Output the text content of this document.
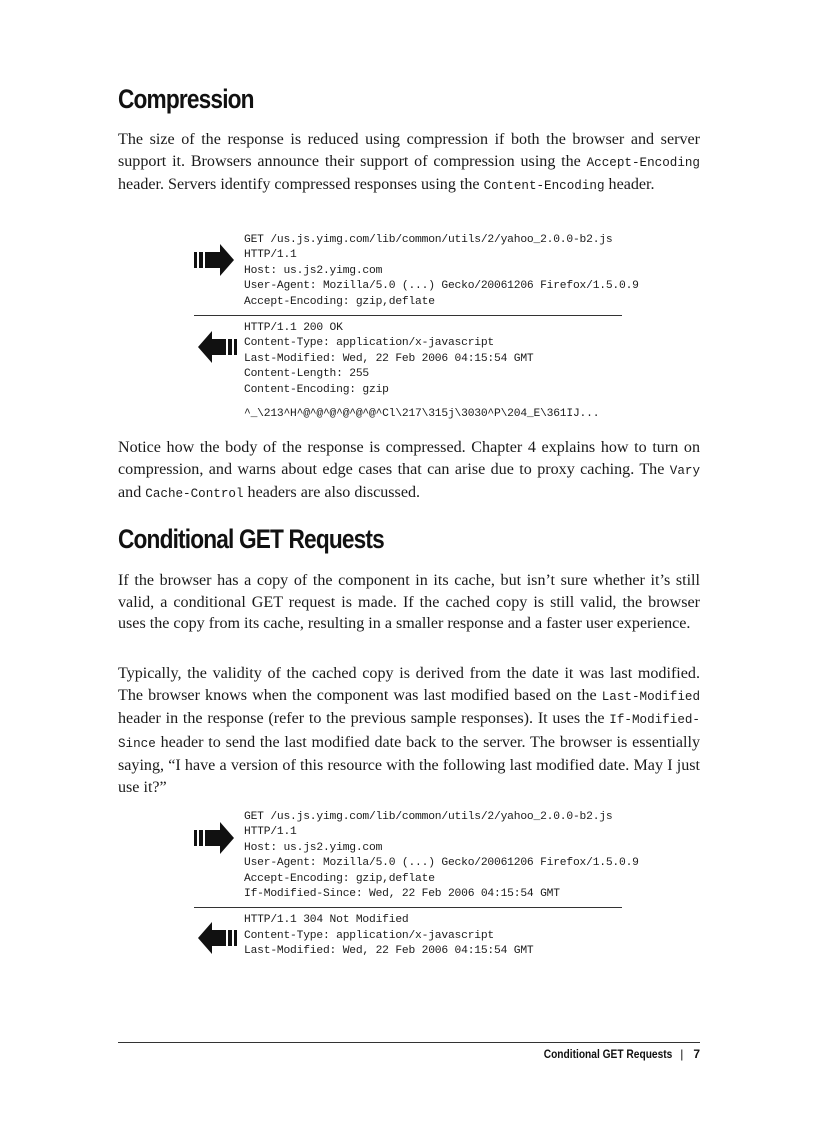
Compression

The size of the response is reduced using compression if both the browser and server support it. Browsers announce their support of compression using the Accept-Encoding header. Servers identify compressed responses using the Content-Encoding header.

GET /us.js.yimg.com/lib/common/utils/2/yahoo_2.0.0-b2.js
HTTP/1.1
Host: us.js2.yimg.com
User-Agent: Mozilla/5.0 (...) Gecko/20061206 Firefox/1.5.0.9
Accept-Encoding: gzip,deflate
HTTP/1.1 200 OK
Content-Type: application/x-javascript
Last-Modified: Wed, 22 Feb 2006 04:15:54 GMT
Content-Length: 255
Content-Encoding: gzip
^_\213^H^@^@^@^@^@^@^Cl\217\315j\3030^P\204_E\361IJ...

Notice how the body of the response is compressed. Chapter 4 explains how to turn on compression, and warns about edge cases that can arise due to proxy caching. The Vary and Cache-Control headers are also discussed.

Conditional GET Requests

If the browser has a copy of the component in its cache, but isn’t sure whether it’s still valid, a conditional GET request is made. If the cached copy is still valid, the browser uses the copy from its cache, resulting in a smaller response and a faster user experience.

Typically, the validity of the cached copy is derived from the date it was last modified. The browser knows when the component was last modified based on the Last-Modified header in the response (refer to the previous sample responses). It uses the If-Modified-Since header to send the last modified date back to the server. The browser is essentially saying, “I have a version of this resource with the following last modified date. May I just use it?”

GET /us.js.yimg.com/lib/common/utils/2/yahoo_2.0.0-b2.js
HTTP/1.1
Host: us.js2.yimg.com
User-Agent: Mozilla/5.0 (...) Gecko/20061206 Firefox/1.5.0.9
Accept-Encoding: gzip,deflate
If-Modified-Since: Wed, 22 Feb 2006 04:15:54 GMT
HTTP/1.1 304 Not Modified
Content-Type: application/x-javascript
Last-Modified: Wed, 22 Feb 2006 04:15:54 GMT
Conditional GET Requests | 7
